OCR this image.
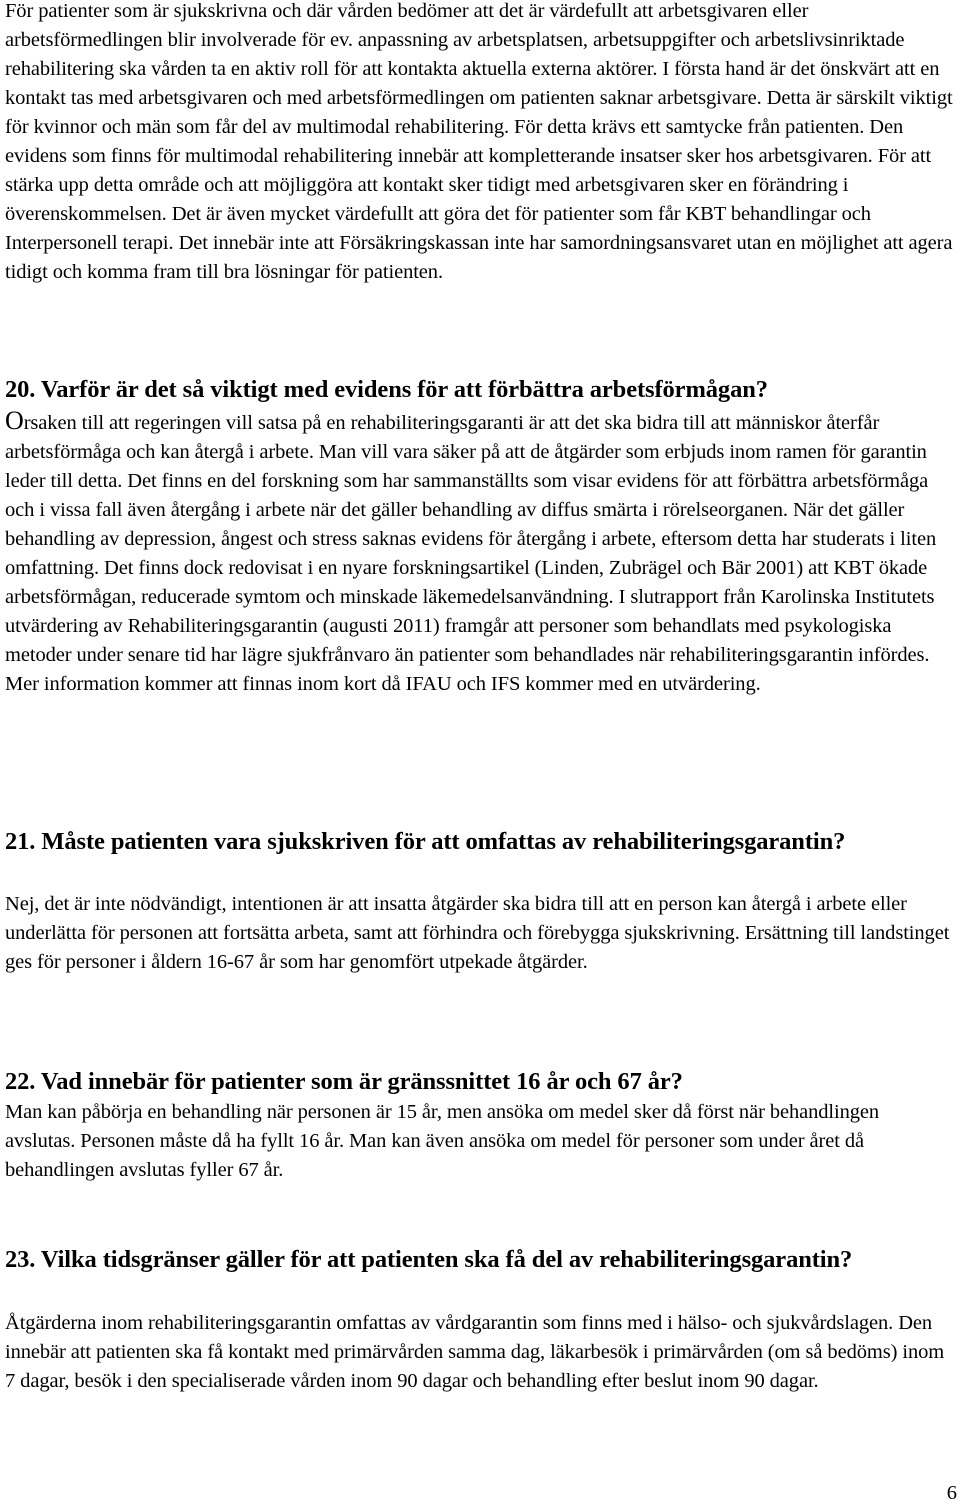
För patienter som är sjukskrivna och där vården bedömer att det är värdefullt att arbetsgivaren eller arbetsförmedlingen blir involverade för ev. anpassning av arbetsplatsen, arbetsuppgifter och arbetslivsinriktade rehabilitering ska vården ta en aktiv roll för att kontakta aktuella externa aktörer. I första hand är det önskvärt att en kontakt tas med arbetsgivaren och med arbetsförmedlingen om patienten saknar arbetsgivare. Detta är särskilt viktigt för kvinnor och män som får del av multimodal rehabilitering. För detta krävs ett samtycke från patienten. Den evidens som finns för multimodal rehabilitering innebär att kompletterande insatser sker hos arbetsgivaren. För att stärka upp detta område och att möjliggöra att kontakt sker tidigt med arbetsgivaren sker en förändring i överenskommelsen. Det är även mycket värdefullt att göra det för patienter som får KBT behandlingar och Interpersonell terapi. Det innebär inte att Försäkringskassan inte har samordningsansvaret utan en möjlighet att agera tidigt och komma fram till bra lösningar för patienten.

20. Varför är det så viktigt med evidens för att förbättra arbetsförmågan?

Orsaken till att regeringen vill satsa på en rehabiliteringsgaranti är att det ska bidra till att människor återfår arbetsförmåga och kan återgå i arbete. Man vill vara säker på att de åtgärder som erbjuds inom ramen för garantin leder till detta. Det finns en del forskning som har sammanställts som visar evidens för att förbättra arbetsförmåga och i vissa fall även återgång i arbete när det gäller behandling av diffus smärta i rörelseorganen. När det gäller behandling av depression, ångest och stress saknas evidens för återgång i arbete, eftersom detta har studerats i liten omfattning. Det finns dock redovisat i en nyare forskningsartikel (Linden, Zubrägel och Bär 2001) att KBT ökade arbetsförmågan, reducerade symtom och minskade läkemedelsanvändning. I slutrapport från Karolinska Institutets utvärdering av Rehabiliteringsgarantin (augusti 2011) framgår att personer som behandlats med psykologiska metoder under senare tid har lägre sjukfrånvaro än patienter som behandlades när rehabiliteringsgarantin infördes. Mer information kommer att finnas inom kort då IFAU och IFS kommer med en utvärdering.

21. Måste patienten vara sjukskriven för att omfattas av rehabiliteringsgarantin?

Nej, det är inte nödvändigt, intentionen är att insatta åtgärder ska bidra till att en person kan återgå i arbete eller underlätta för personen att fortsätta arbeta, samt att förhindra och förebygga sjukskrivning. Ersättning till landstinget ges för personer i åldern 16-67 år som har genomfört utpekade åtgärder.

22. Vad innebär för patienter som är gränssnittet 16 år och 67 år?

Man kan påbörja en behandling när personen är 15 år, men ansöka om medel sker då först när behandlingen avslutas. Personen måste då ha fyllt 16 år. Man kan även ansöka om medel för personer som under året då behandlingen avslutas fyller 67 år.

23. Vilka tidsgränser gäller för att patienten ska få del av rehabiliteringsgarantin?

Åtgärderna inom rehabiliteringsgarantin omfattas av vårdgarantin som finns med i hälso- och sjukvårdslagen. Den innebär att patienten ska få kontakt med primärvården samma dag, läkarbesök i primärvården (om så bedöms) inom 7 dagar, besök i den specialiserade vården inom 90 dagar och behandling efter beslut inom 90 dagar.

6
